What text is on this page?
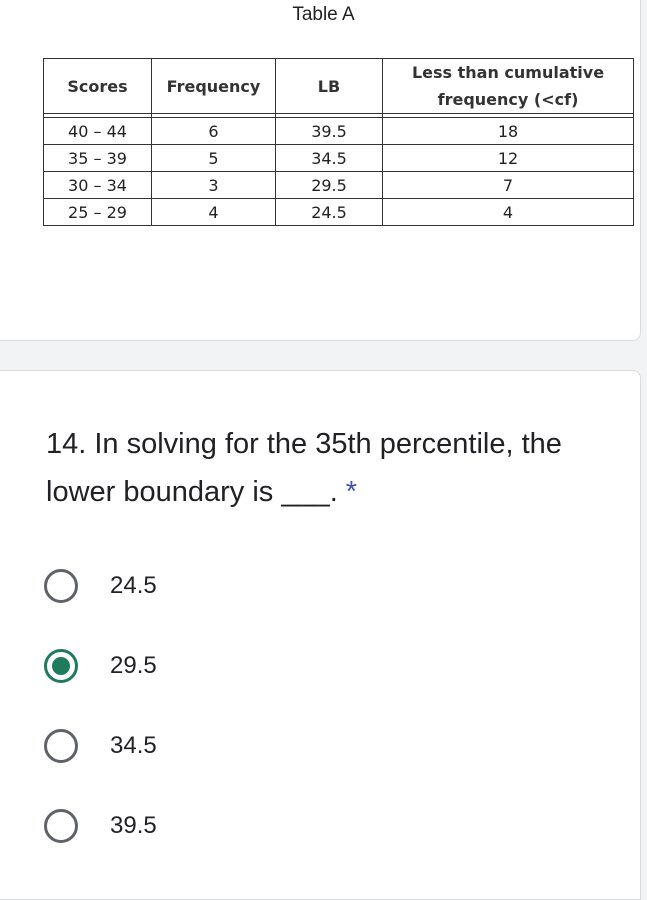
Table A
Scores	Frequency	LB	Less than cumulative frequency (<cf)

40 – 44	6	39.5	18
35 – 39	5	34.5	12
30 – 34	3	29.5	7
25 – 29	4	24.5	4
14. In solving for the 35th percentile, the lower boundary is ___. *
24.5
29.5
34.5
39.5
